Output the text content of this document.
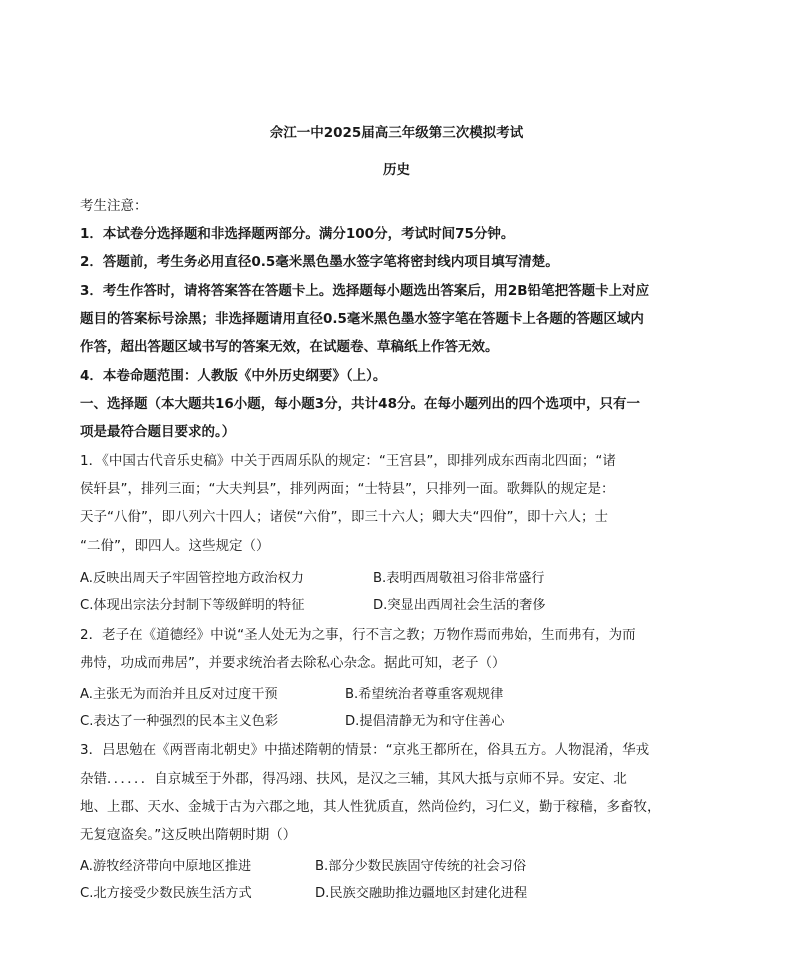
佘江一中2025届高三年级第三次模拟考试
历史
考生注意：
1．本试卷分选择题和非选择题两部分。满分100分，考试时间75分钟。
2．答题前，考生务必用直径0.5毫米黑色墨水签字笔将密封线内项目填写清楚。
3．考生作答时，请将答案答在答题卡上。选择题每小题选出答案后，用2B铅笔把答题卡上对应
题目的答案标号涂黑；非选择题请用直径0.5毫米黑色墨水签字笔在答题卡上各题的答题区域内
作答，超出答题区域书写的答案无效，在试题卷、草稿纸上作答无效。
4．本卷命题范围：人教版《中外历史纲要》（上）。
一、选择题（本大题共16小题，每小题3分，共计48分。在每小题列出的四个选项中，只有一
项是最符合题目要求的。）
1．《中国古代音乐史稿》中关于西周乐队的规定：“王宫县”，即排列成东西南北四面；“诸
侯轩县”，排列三面；“大夫判县”，排列两面；“士特县”，只排列一面。歌舞队的规定是：
天子“八佾”，即八列六十四人；诸侯“六佾”，即三十六人；卿大夫“四佾”，即十六人；士
“二佾”，即四人。这些规定（）
A.反映出周天子牢固管控地方政治权力	B.表明西周敬祖习俗非常盛行
C.体现出宗法分封制下等级鲜明的特征	D.突显出西周社会生活的奢侈
2．老子在《道德经》中说“圣人处无为之事，行不言之教；万物作焉而弗始，生而弗有，为而
弗恃，功成而弗居”，并要求统治者去除私心杂念。据此可知，老子（）
A.主张无为而治并且反对过度干预	B.希望统治者尊重客观规律
C.表达了一种强烈的民本主义色彩	D.提倡清静无为和守住善心
3．吕思勉在《两晋南北朝史》中描述隋朝的情景：“京兆王都所在，俗具五方。人物混淆，华戎
杂错．．．．．．自京城至于外郡，得冯翊、扶风，是汉之三辅，其风大抵与京师不异。安定、北
地、上郡、天水、金城于古为六郡之地，其人性犹质直，然尚俭约，习仁义，勤于稼穑，多畜牧，
无复寇盗矣。”这反映出隋朝时期（）
A.游牧经济带向中原地区推进	B.部分少数民族固守传统的社会习俗
C.北方接受少数民族生活方式	D.民族交融助推边疆地区封建化进程
